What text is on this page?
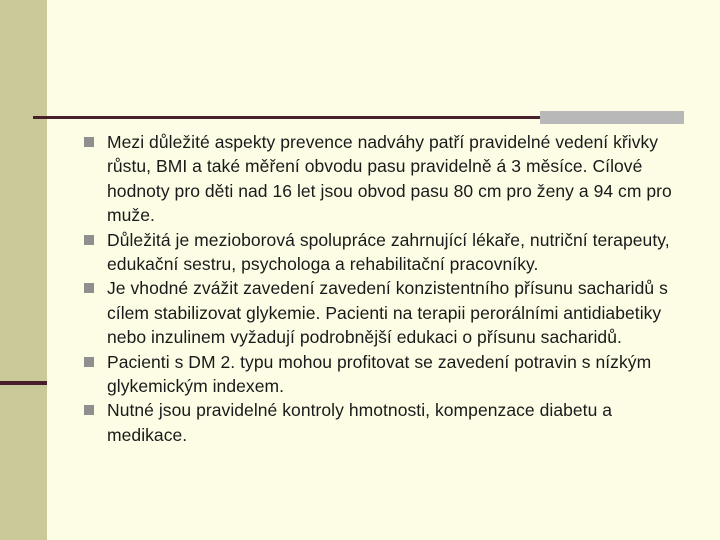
Mezi důležité aspekty prevence nadváhy patří pravidelné vedení křivky růstu, BMI a také měření obvodu pasu pravidelně á 3 měsíce. Cílové hodnoty pro děti nad 16 let jsou obvod pasu 80 cm pro ženy a 94 cm pro muže.
Důležitá je mezioborová spolupráce zahrnující lékaře, nutriční terapeuty, edukační sestru, psychologa a rehabilitační pracovníky.
Je vhodné zvážit zavedení zavedení konzistentního přísunu sacharidů s cílem stabilizovat glykemie. Pacienti na terapii perorálními antidiabetiky nebo inzulinem vyžadují podrobnější edukaci o přísunu sacharidů.
Pacienti s DM 2. typu mohou profitovat se zavedení potravin s nízkým glykemickým indexem.
Nutné jsou pravidelné kontroly hmotnosti, kompenzace diabetu a medikace.
